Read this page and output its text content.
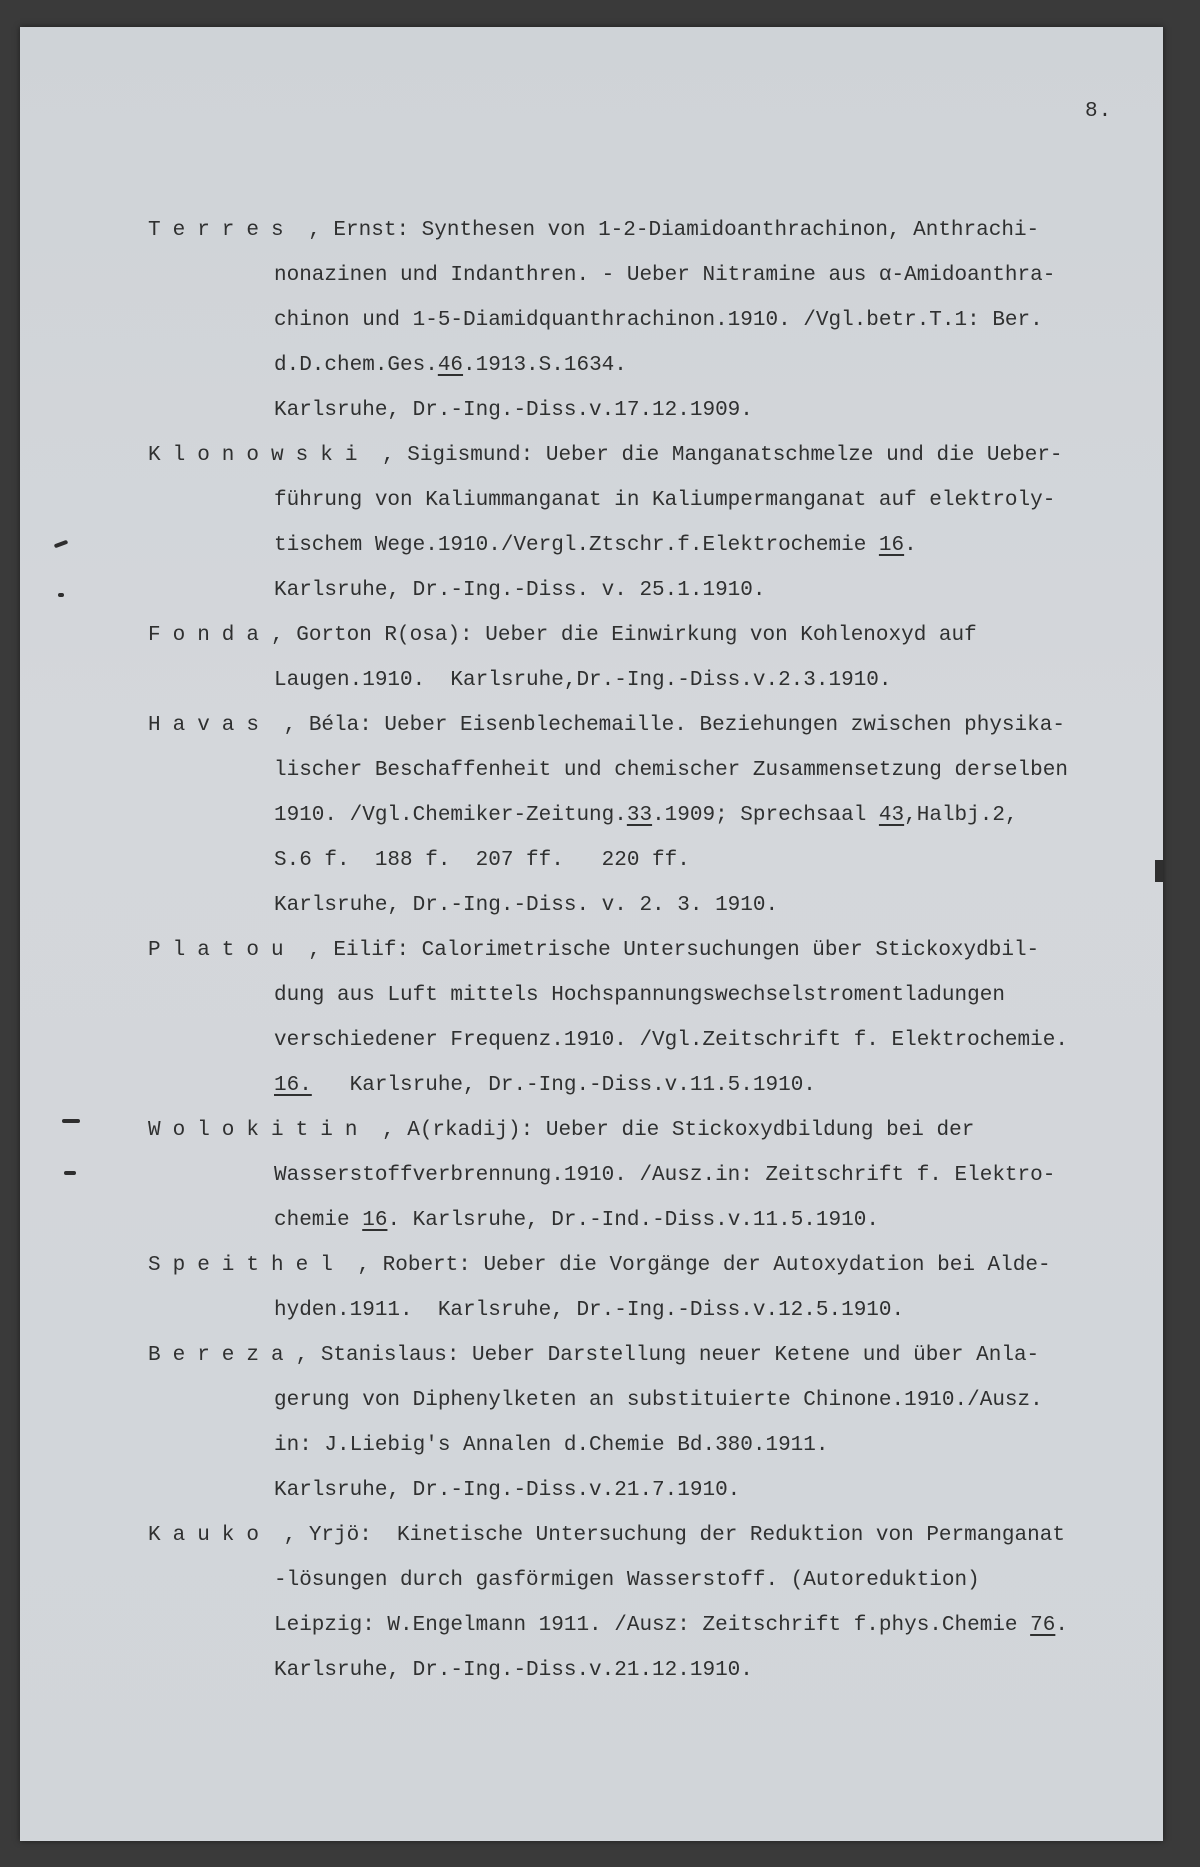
8.
Terres , Ernst: Synthesen von 1-2-Diamidoanthrachinon, Anthrachi-
nonazinen und Indanthren. - Ueber Nitramine aus α-Amidoanthra-
chinon und 1-5-Diamidquanthrachinon.1910. /Vgl.betr.T.1: Ber.
d.D.chem.Ges.46.1913.S.1634.
Karlsruhe, Dr.-Ing.-Diss.v.17.12.1909.
Klonowski , Sigismund: Ueber die Manganatschmelze und die Ueber-
führung von Kaliummanganat in Kaliumpermanganat auf elektroly-
tischem Wege.1910./Vergl.Ztschr.f.Elektrochemie 16.
Karlsruhe, Dr.-Ing.-Diss. v. 25.1.1910.
Fonda, Gorton R(osa): Ueber die Einwirkung von Kohlenoxyd auf
Laugen.1910.  Karlsruhe,Dr.-Ing.-Diss.v.2.3.1910.
Havas , Béla: Ueber Eisenblechemaille. Beziehungen zwischen physika-
lischer Beschaffenheit und chemischer Zusammensetzung derselben
1910. /Vgl.Chemiker-Zeitung.33.1909; Sprechsaal 43,Halbj.2,
S.6 f.  188 f.  207 ff.   220 ff.
Karlsruhe, Dr.-Ing.-Diss. v. 2. 3. 1910.
Platou , Eilif: Calorimetrische Untersuchungen über Stickoxydbil-
dung aus Luft mittels Hochspannungswechselstromentladungen
verschiedener Frequenz.1910. /Vgl.Zeitschrift f. Elektrochemie.
16.   Karlsruhe, Dr.-Ing.-Diss.v.11.5.1910.
Wolokitin , A(rkadij): Ueber die Stickoxydbildung bei der
Wasserstoffverbrennung.1910. /Ausz.in: Zeitschrift f. Elektro-
chemie 16. Karlsruhe, Dr.-Ind.-Diss.v.11.5.1910.
Speithel , Robert: Ueber die Vorgänge der Autoxydation bei Alde-
hyden.1911.  Karlsruhe, Dr.-Ing.-Diss.v.12.5.1910.
Bereza, Stanislaus: Ueber Darstellung neuer Ketene und über Anla-
gerung von Diphenylketen an substituierte Chinone.1910./Ausz.
in: J.Liebig's Annalen d.Chemie Bd.380.1911.
Karlsruhe, Dr.-Ing.-Diss.v.21.7.1910.
Kauko , Yrjö:  Kinetische Untersuchung der Reduktion von Permanganat
-lösungen durch gasförmigen Wasserstoff. (Autoreduktion)
Leipzig: W.Engelmann 1911. /Ausz: Zeitschrift f.phys.Chemie 76.
Karlsruhe, Dr.-Ing.-Diss.v.21.12.1910.
